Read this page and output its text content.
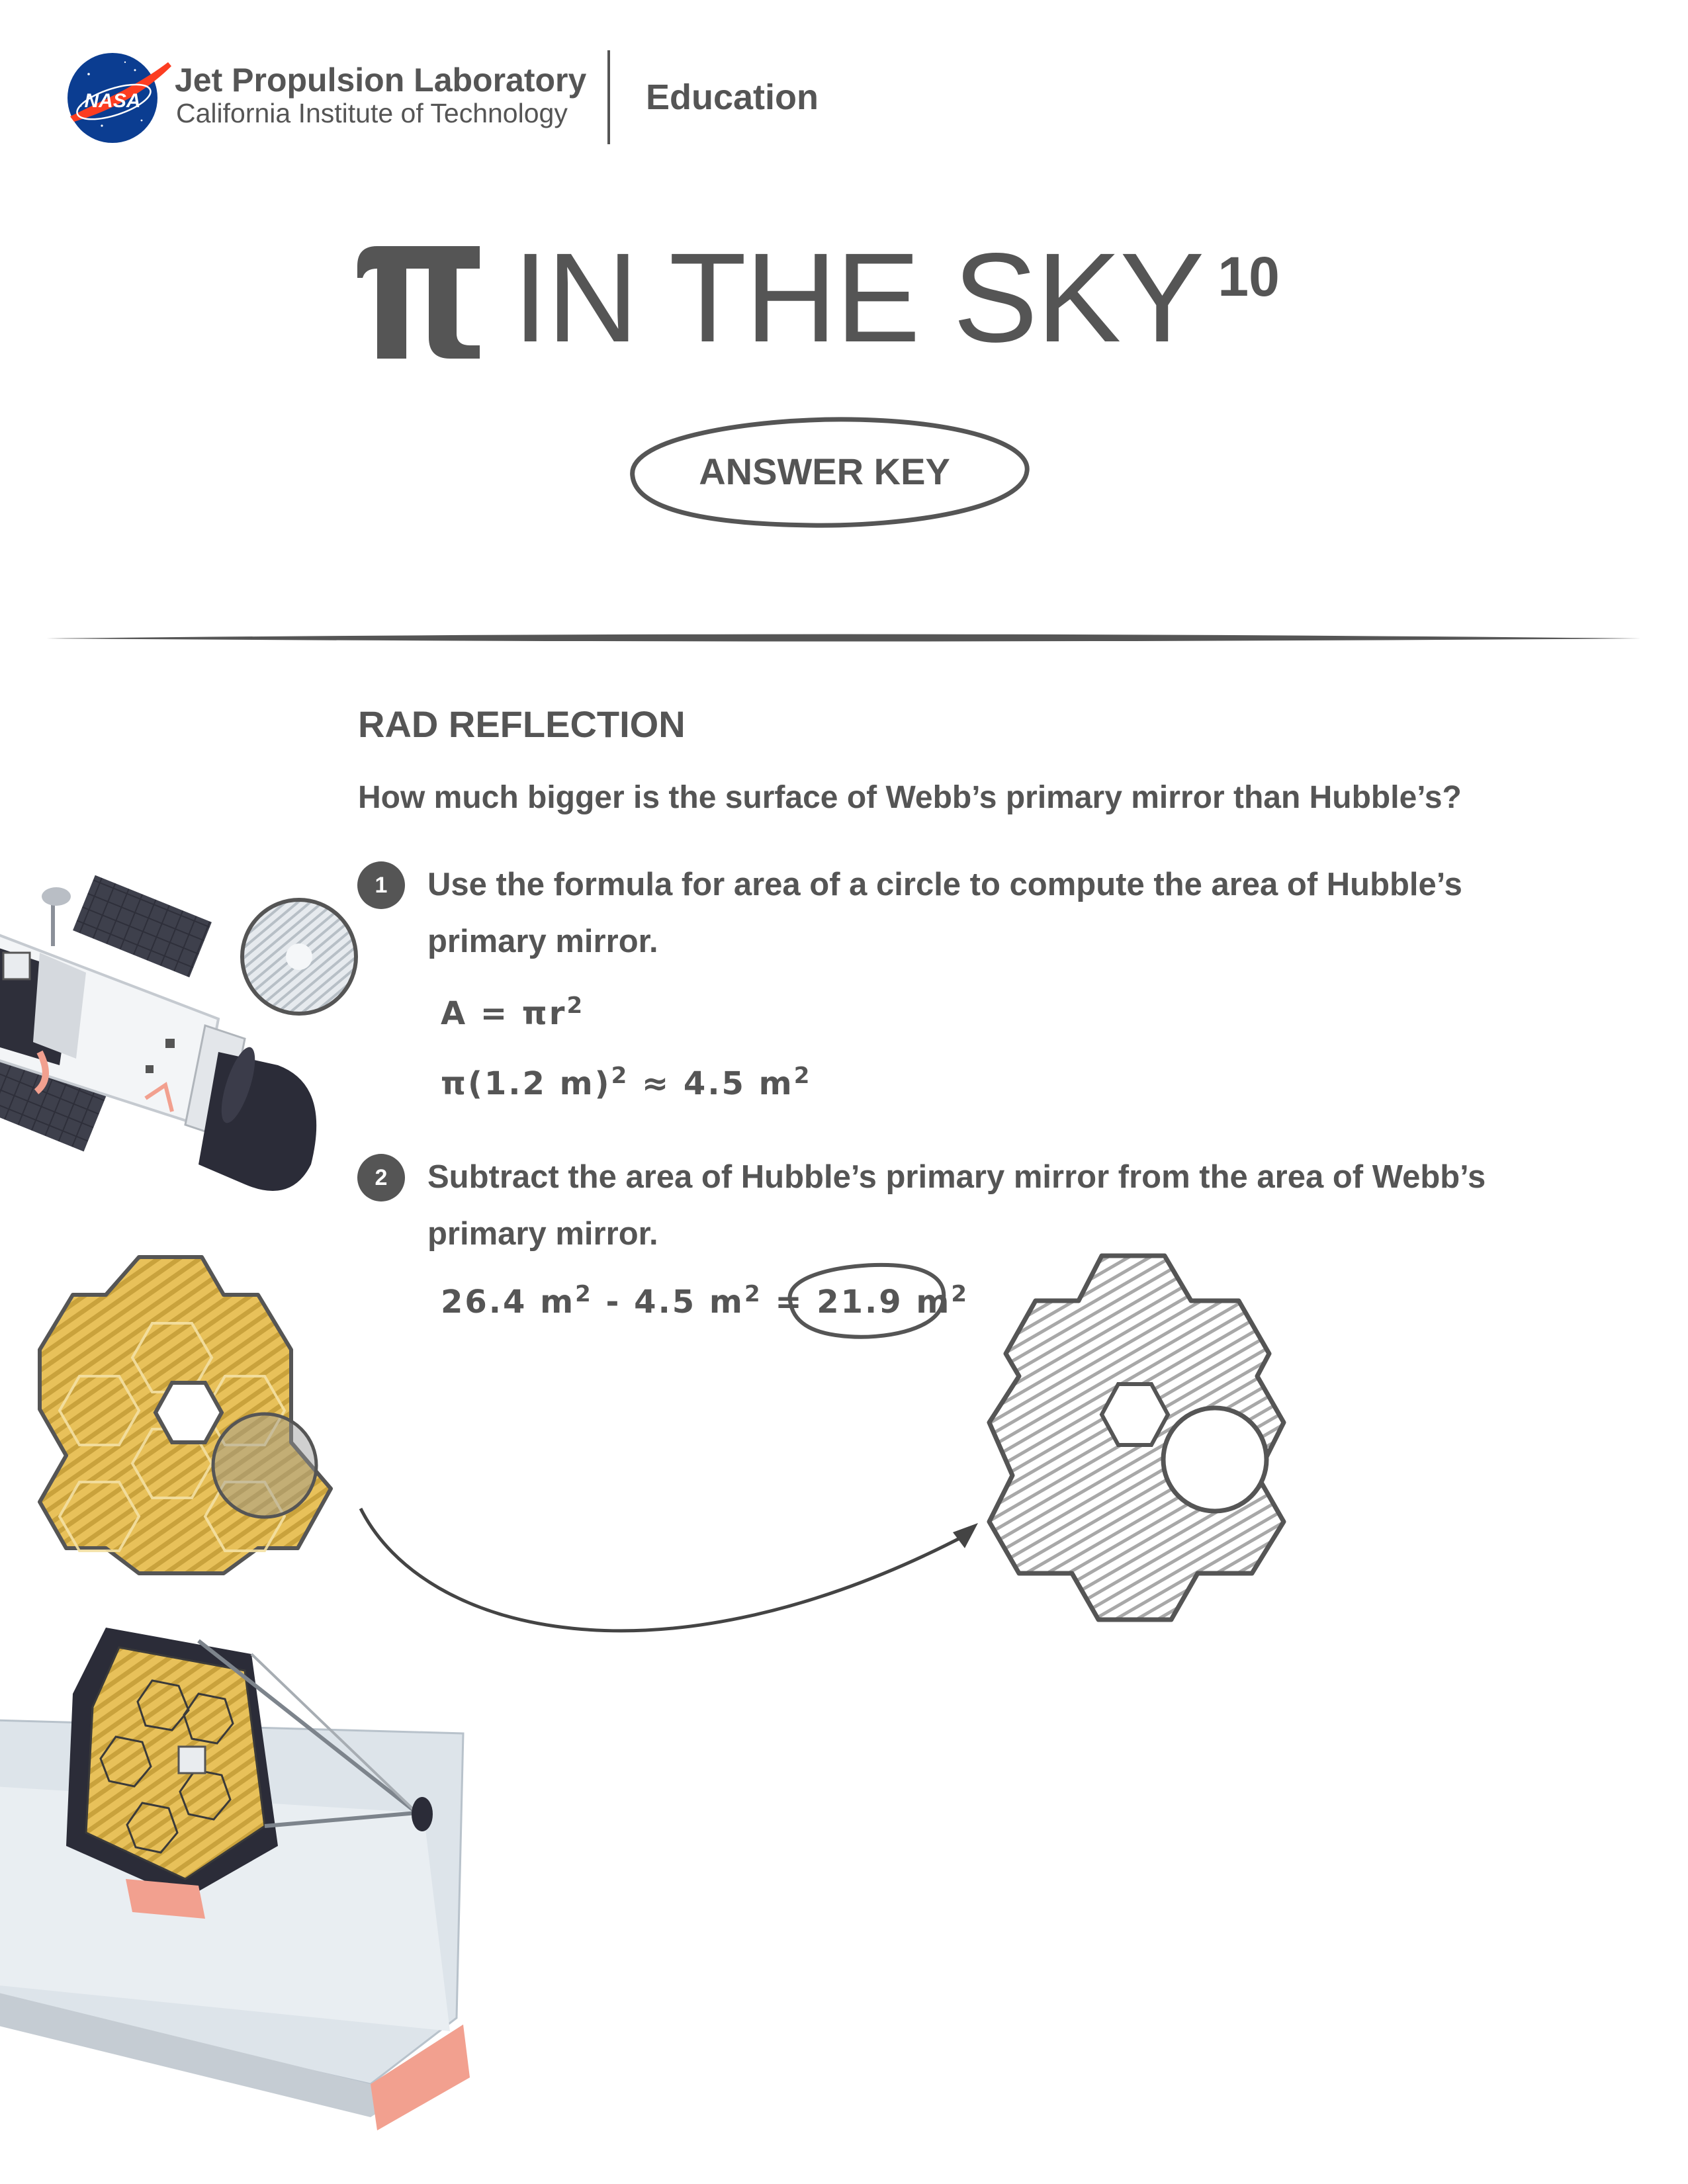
NASA
Jet Propulsion Laboratory
California Institute of Technology Education
IN THE SKY 10
ANSWER KEY
RAD REFLECTION
How much bigger is the surface of Webb’s primary mirror than Hubble’s?
1	Use the formula for area of a circle to compute the area of Hubble’s primary mirror.
$A = \pi r^2$
π(1.2 m)$^2$ ≈ 4.5 $m^2$
2	Subtract the area of Hubble’s primary mirror from the area of Webb’s primary mirror.
26.4 $m^2 - 4.5$ $m^2 = 21.9$ $m^2$
